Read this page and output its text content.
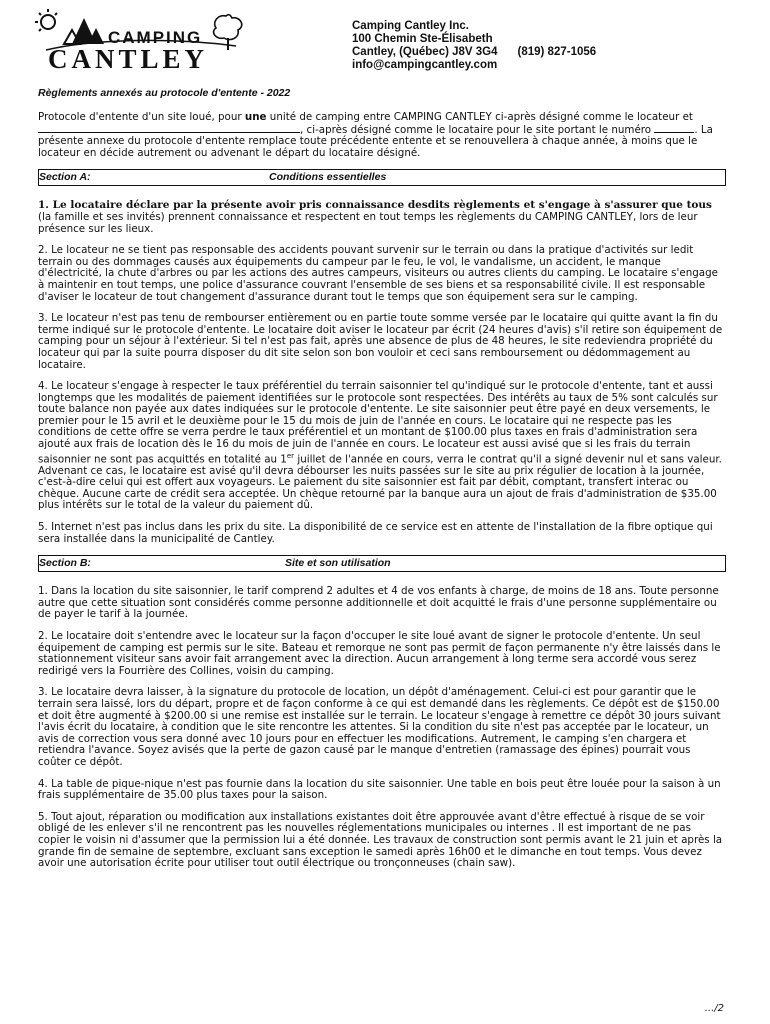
CAMPING
CANTLEY
Camping Cantley Inc.
100 Chemin Ste-Élisabeth
Cantley, (Québec) J8V 3G4 (819) 827-1056
info@campingcantley.com
Règlements annexés au protocole d'entente - 2022

Protocole d'entente d'un site loué, pour une unité de camping entre CAMPING CANTLEY ci-après désigné comme le locateur et , ci-après désigné comme le locataire pour le site portant le numéro	. La présente annexe du protocole d'entente remplace toute précédente entente et se renouvellera à chaque année, à moins que le locateur en décide autrement ou advenant le départ du locataire désigné.

Section A:	Conditions essentielles

1. Le locataire déclare par la présente avoir pris connaissance desdits règlements et s'engage à s'assurer que tous (la famille et ses invités) prennent connaissance et respectent en tout temps les règlements du CAMPING CANTLEY, lors de leur présence sur les lieux.

2. Le locateur ne se tient pas responsable des accidents pouvant survenir sur le terrain ou dans la pratique d'activités sur ledit terrain ou des dommages causés aux équipements du campeur par le feu, le vol, le vandalisme, un accident, le manque d'électricité, la chute d'arbres ou par les actions des autres campeurs, visiteurs ou autres clients du camping. Le locataire s'engage à maintenir en tout temps, une police d'assurance couvrant l'ensemble de ses biens et sa responsabilité civile. Il est responsable d'aviser le locateur de tout changement d'assurance durant tout le temps que son équipement sera sur le camping.

3. Le locateur n'est pas tenu de rembourser entièrement ou en partie toute somme versée par le locataire qui quitte avant la fin du terme indiqué sur le protocole d'entente. Le locataire doit aviser le locateur par écrit (24 heures d'avis) s'il retire son équipement de camping pour un séjour à l'extérieur. Si tel n'est pas fait, après une absence de plus de 48 heures, le site redeviendra propriété du locateur qui par la suite pourra disposer du dit site selon son bon vouloir et ceci sans remboursement ou dédommagement au locataire.

4. Le locateur s'engage à respecter le taux préférentiel du terrain saisonnier tel qu'indiqué sur le protocole d'entente, tant et aussi longtemps que les modalités de paiement identifiées sur le protocole sont respectées. Des intérêts au taux de 5% sont calculés sur toute balance non payée aux dates indiquées sur le protocole d'entente. Le site saisonnier peut être payé en deux versements, le premier pour le 15 avril et le deuxième pour le 15 du mois de juin de l'année en cours. Le locataire qui ne respecte pas les conditions de cette offre se verra perdre le taux préférentiel et un montant de $100.00 plus taxes en frais d'administration sera ajouté aux frais de location dès le 16 du mois de juin de l'année en cours. Le locateur est aussi avisé que si les frais du terrain saisonnier ne sont pas acquittés en totalité au 1er juillet de l'année en cours, verra le contrat qu'il a signé devenir nul et sans valeur. Advenant ce cas, le locataire est avisé qu'il devra débourser les nuits passées sur le site au prix régulier de location à la journée, c'est-à-dire celui qui est offert aux voyageurs. Le paiement du site saisonnier est fait par débit, comptant, transfert interac ou chèque. Aucune carte de crédit sera acceptée. Un chèque retourné par la banque aura un ajout de frais d'administration de $35.00 plus intérêts sur le total de la valeur du paiement dû.

5. Internet n'est pas inclus dans les prix du site. La disponibilité de ce service est en attente de l'installation de la fibre optique qui sera installée dans la municipalité de Cantley.

Section B:	Site et son utilisation

1. Dans la location du site saisonnier, le tarif comprend 2 adultes et 4 de vos enfants à charge, de moins de 18 ans. Toute personne autre que cette situation sont considérés comme personne additionnelle et doit acquitté le frais d'une personne supplémentaire ou de payer le tarif à la journée.

2. Le locataire doit s'entendre avec le locateur sur la façon d'occuper le site loué avant de signer le protocole d'entente. Un seul équipement de camping est permis sur le site. Bateau et remorque ne sont pas permit de façon permanente n'y être laissés dans le stationnement visiteur sans avoir fait arrangement avec la direction. Aucun arrangement à long terme sera accordé vous serez redirigé vers la Fourrière des Collines, voisin du camping.

3. Le locataire devra laisser, à la signature du protocole de location, un dépôt d'aménagement. Celui-ci est pour garantir que le terrain sera laissé, lors du départ, propre et de façon conforme à ce qui est demandé dans les règlements. Ce dépôt est de $150.00 et doit être augmenté à $200.00 si une remise est installée sur le terrain. Le locateur s'engage à remettre ce dépôt 30 jours suivant l'avis écrit du locataire, à condition que le site rencontre les attentes. Si la condition du site n'est pas acceptée par le locateur, un avis de correction vous sera donné avec 10 jours pour en effectuer les modifications. Autrement, le camping s'en chargera et retiendra l'avance. Soyez avisés que la perte de gazon causé par le manque d'entretien (ramassage des épines) pourrait vous coûter ce dépôt.

4. La table de pique-nique n'est pas fournie dans la location du site saisonnier. Une table en bois peut être louée pour la saison à un frais supplémentaire de 35.00 plus taxes pour la saison.

5. Tout ajout, réparation ou modification aux installations existantes doit être approuvée avant d'être effectué à risque de se voir obligé de les enlever s'il ne rencontrent pas les nouvelles réglementations municipales ou internes . Il est important de ne pas copier le voisin ni d'assumer que la permission lui a été donnée. Les travaux de construction sont permis avant le 21 juin et après la grande fin de semaine de septembre, excluant sans exception le samedi après 16h00 et le dimanche en tout temps. Vous devez avoir une autorisation écrite pour utiliser tout outil électrique ou tronçonneuses (chain saw).

.../2
